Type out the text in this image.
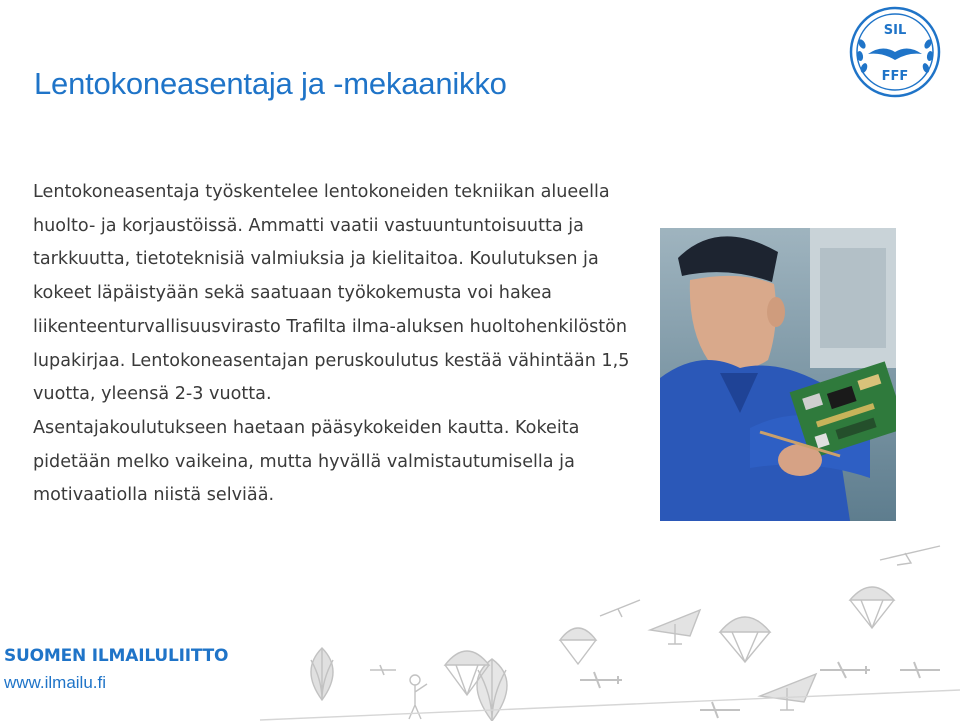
SIL
FFF
Lentokoneasentaja ja -mekaanikko

Lentokoneasentaja työskentelee lentokoneiden tekniikan alueella huolto- ja korjaustöissä. Ammatti vaatii vastuuntuntoisuutta ja tarkkuutta, tietoteknisiä valmiuksia ja kielitaitoa. Koulutuksen ja kokeet läpäistyään sekä saatuaan työkokemusta voi hakea liikenteenturvallisuusvirasto Trafilta ilma-aluksen huoltohenkilöstön lupakirjaa. Lentokoneasentajan peruskoulutus kestää vähintään 1,5 vuotta, yleensä 2-3 vuotta.

Asentajakoulutukseen haetaan pääsykokeiden kautta. Kokeita pidetään melko vaikeina, mutta hyvällä valmistautumisella ja motivaatiolla niistä selviää.

SUOMEN ILMAILULIITTO
www.ilmailu.fi
